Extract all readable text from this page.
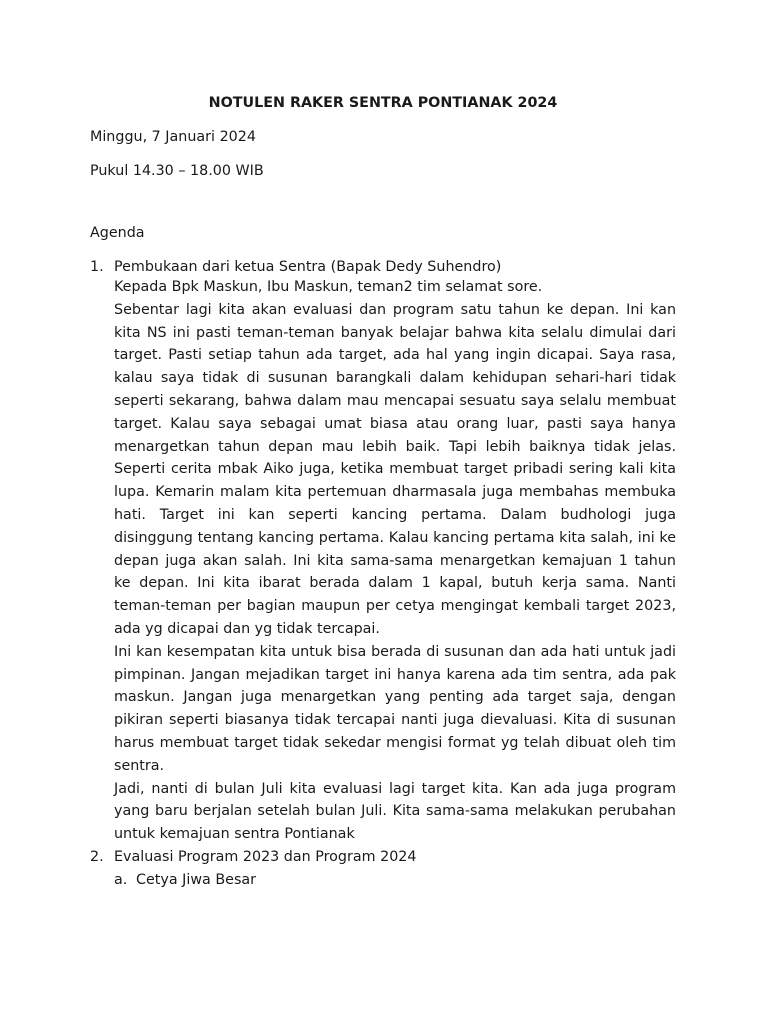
NOTULEN RAKER SENTRA PONTIANAK 2024
Minggu, 7 Januari 2024
Pukul 14.30 – 18.00 WIB
Agenda
1. Pembukaan dari ketua Sentra (Bapak Dedy Suhendro)

Kepada Bpk Maskun, Ibu Maskun, teman2 tim selamat sore.

Sebentar lagi kita akan evaluasi dan program satu tahun ke depan. Ini kan kita NS ini pasti teman-teman banyak belajar bahwa kita selalu dimulai dari target. Pasti setiap tahun ada target, ada hal yang ingin dicapai. Saya rasa, kalau saya tidak di susunan barangkali dalam kehidupan sehari-hari tidak seperti sekarang, bahwa dalam mau mencapai sesuatu saya selalu membuat target. Kalau saya sebagai umat biasa atau orang luar, pasti saya hanya menargetkan tahun depan mau lebih baik. Tapi lebih baiknya tidak jelas. Seperti cerita mbak Aiko juga, ketika membuat target pribadi sering kali kita lupa. Kemarin malam kita pertemuan dharmasala juga membahas membuka hati. Target ini kan seperti kancing pertama. Dalam budhologi juga disinggung tentang kancing pertama. Kalau kancing pertama kita salah, ini ke depan juga akan salah. Ini kita sama-sama menargetkan kemajuan 1 tahun ke depan. Ini kita ibarat berada dalam 1 kapal, butuh kerja sama. Nanti teman-teman per bagian maupun per cetya mengingat kembali target 2023, ada yg dicapai dan yg tidak tercapai.

Ini kan kesempatan kita untuk bisa berada di susunan dan ada hati untuk jadi pimpinan. Jangan mejadikan target ini hanya karena ada tim sentra, ada pak maskun. Jangan juga menargetkan yang penting ada target saja, dengan pikiran seperti biasanya tidak tercapai nanti juga dievaluasi. Kita di susunan harus membuat target tidak sekedar mengisi format yg telah dibuat oleh tim sentra.

Jadi, nanti di bulan Juli kita evaluasi lagi target kita. Kan ada juga program yang baru berjalan setelah bulan Juli. Kita sama-sama melakukan perubahan untuk kemajuan sentra Pontianak

2. Evaluasi Program 2023 dan Program 2024
a. Cetya Jiwa Besar
